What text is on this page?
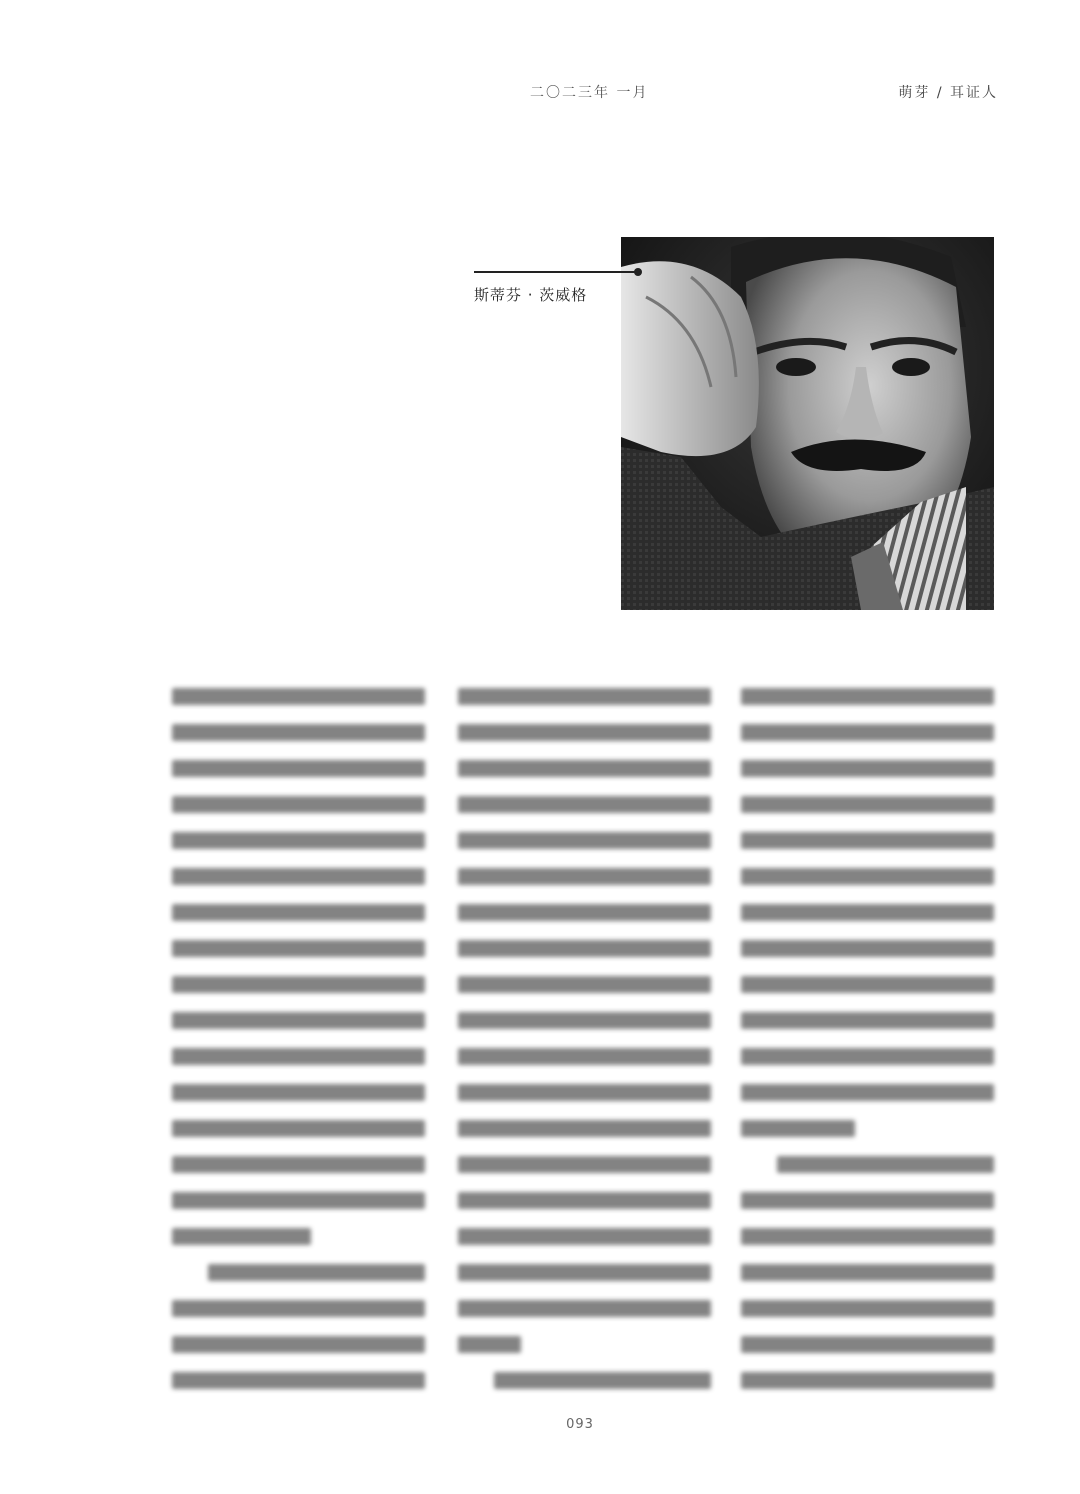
二〇二三年 一月	萌芽 / 耳证人
斯蒂芬 · 茨威格
093
